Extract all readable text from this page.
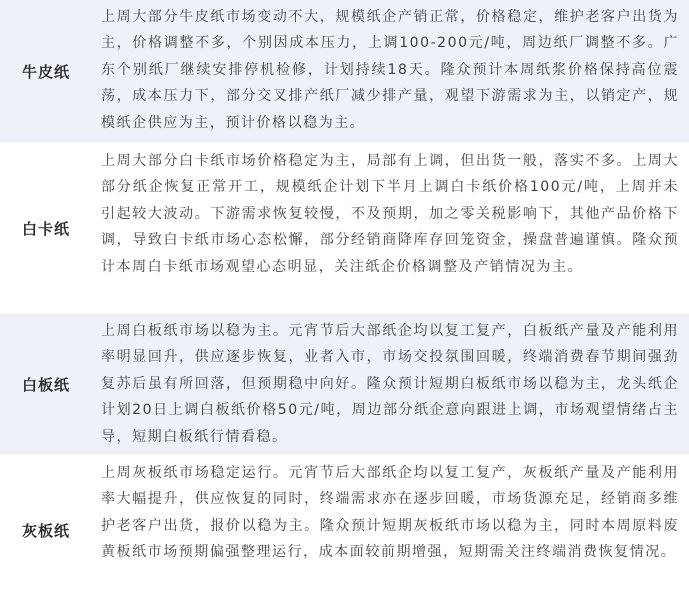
牛皮纸
上周大部分牛皮纸市场变动不大，规模纸企产销正常，价格稳定，维护老客户出货为主，价格调整不多，个别因成本压力，上调100-200元/吨，周边纸厂调整不多。广东个别纸厂继续安排停机检修，计划持续18天。隆众预计本周纸浆价格保持高位震荡，成本压力下，部分交叉排产纸厂减少排产量，观望下游需求为主，以销定产，规模纸企供应为主，预计价格以稳为主。
白卡纸
上周大部分白卡纸市场价格稳定为主，局部有上调，但出货一般，落实不多。上周大部分纸企恢复正常开工，规模纸企计划下半月上调白卡纸价格100元/吨，上周并未引起较大波动。下游需求恢复较慢，不及预期，加之零关税影响下，其他产品价格下调，导致白卡纸市场心态松懈，部分经销商降库存回笼资金，操盘普遍谨慎。隆众预计本周白卡纸市场观望心态明显，关注纸企价格调整及产销情况为主。
白板纸
上周白板纸市场以稳为主。元宵节后大部纸企均以复工复产，白板纸产量及产能利用率明显回升，供应逐步恢复，业者入市，市场交投氛围回暖，终端消费春节期间强劲复苏后虽有所回落，但预期稳中向好。隆众预计短期白板纸市场以稳为主，龙头纸企计划20日上调白板纸价格50元/吨，周边部分纸企意向跟进上调，市场观望情绪占主导，短期白板纸行情看稳。
灰板纸
上周灰板纸市场稳定运行。元宵节后大部纸企均以复工复产，灰板纸产量及产能利用率大幅提升，供应恢复的同时，终端需求亦在逐步回暖，市场货源充足，经销商多维护老客户出货，报价以稳为主。隆众预计短期灰板纸市场以稳为主，同时本周原料废黄板纸市场预期偏强整理运行，成本面较前期增强，短期需关注终端消费恢复情况。
